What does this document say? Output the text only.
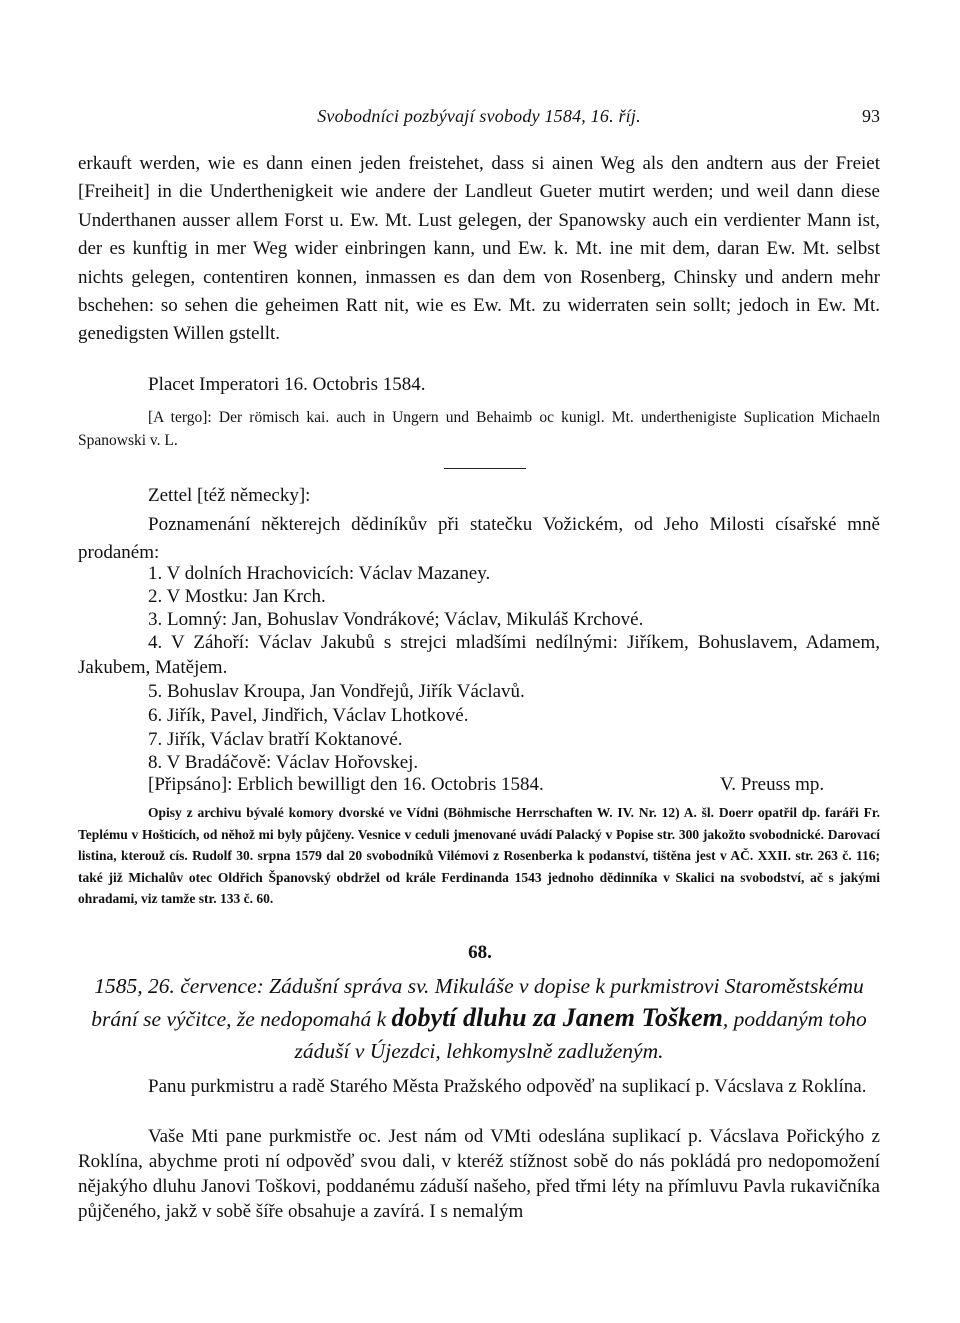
Svobodníci pozbývají svobody 1584, 16. říj.	93

erkauft werden, wie es dann einen jeden freistehet, dass si ainen Weg als den andtern aus der Freiet [Freiheit] in die Underthenigkeit wie andere der Landleut Gueter mutirt werden; und weil dann diese Underthanen ausser allem Forst u. Ew. Mt. Lust gelegen, der Spanowsky auch ein verdienter Mann ist, der es kunftig in mer Weg wider einbringen kann, und Ew. k. Mt. ine mit dem, daran Ew. Mt. selbst nichts gelegen, contentiren konnen, inmassen es dan dem von Rosenberg, Chinsky und andern mehr bschehen: so sehen die geheimen Ratt nit, wie es Ew. Mt. zu widerraten sein sollt; jedoch in Ew. Mt. genedigsten Willen gstellt.

Placet Imperatori 16. Octobris 1584.

[A tergo]: Der römisch kai. auch in Ungern und Behaimb oc kunigl. Mt. underthenigiste Suplication Michaeln Spanowski v. L.

Zettel [též německy]:

Poznamenání některejch dědiníkův při statečku Vožickém, od Jeho Milosti císařské mně prodaném:

1. V dolních Hrachovicích: Václav Mazaney.
2. V Mostku: Jan Krch.
3. Lomný: Jan, Bohuslav Vondrákové; Václav, Mikuláš Krchové.

4. V Záhoří: Václav Jakubů s strejci mladšími nedílnými: Jiříkem, Bohuslavem, Adamem, Jakubem, Matějem.

5. Bohuslav Kroupa, Jan Vondřejů, Jiřík Václavů.
6. Jiřík, Pavel, Jindřich, Václav Lhotkové.
7. Jiřík, Václav bratří Koktanové.
8. V Bradáčově: Václav Hořovskej.
[Připsáno]: Erblich bewilligt den 16. Octobris 1584.	V. Preuss mp.

Opisy z archivu bývalé komory dvorské ve Vídni (Böhmische Herrschaften W. IV. Nr. 12) A. šl. Doerr opatřil dp. faráři Fr. Teplému v Hošticích, od něhož mi byly půjčeny. Vesnice v ceduli jmenované uvádí Palacký v Popise str. 300 jakožto svobodnické. Darovací listina, kterouž cís. Rudolf 30. srpna 1579 dal 20 svobodníků Vilémovi z Rosenberka k podanství, tištěna jest v AČ. XXII. str. 263 č. 116; také již Michalův otec Oldřich Španovský obdržel od krále Ferdinanda 1543 jednoho dědinníka v Skalici na svobodství, ač s jakými ohradami, viz tamže str. 133 č. 60.

68.

1585, 26. července: Zádušní správa sv. Mikuláše v dopise k purkmistrovi Staroměstskému brání se výčitce, že nedopomahá k dobytí dluhu za Janem Toškem, poddaným toho záduší v Újezdci, lehkomyslně zadluženým.

Panu purkmistru a radě Starého Města Pražského odpověď na suplikací p. Vácslava z Roklína.

Vaše Mti pane purkmistře oc. Jest nám od VMti odeslána suplikací p. Vácslava Pořickýho z Roklína, abychme proti ní odpověď svou dali, v kteréž stížnost sobě do nás pokládá pro nedopomožení nějakýho dluhu Janovi Toškovi, poddanému záduší našeho, před třmi léty na přímluvu Pavla rukavičníka půjčeného, jakž v sobě šíře obsahuje a zavírá. I s nemalým
